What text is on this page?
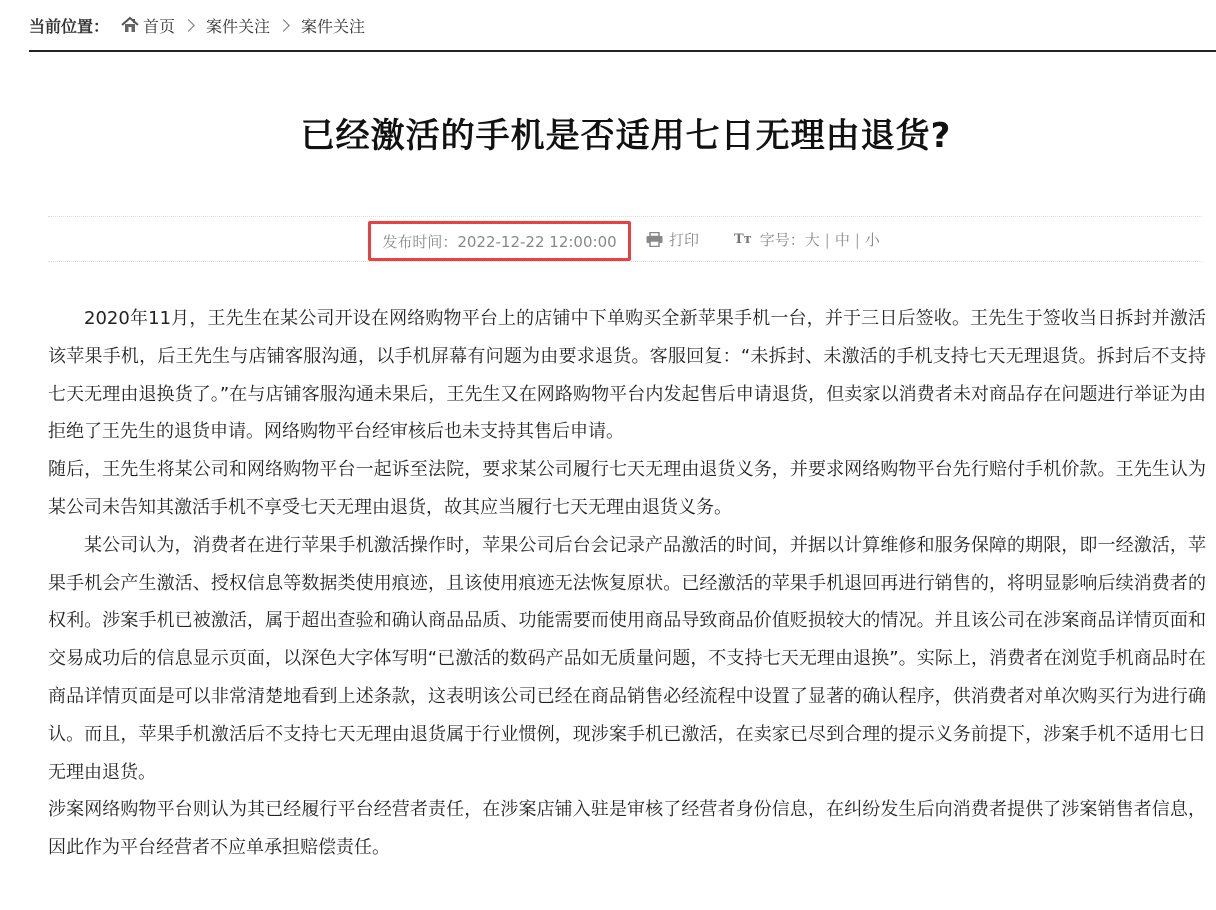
当前位置： 首页 案件关注 案件关注
已经激活的手机是否适用七日无理由退货?
发布时间：2022-12-22 12:00:00	打印	Tт 字号： 大 | 中 | 小

2020年11月，王先生在某公司开设在网络购物平台上的店铺中下单购买全新苹果手机一台，并于三日后签收。王先生于签收当日拆封并激活该苹果手机，后王先生与店铺客服沟通，以手机屏幕有问题为由要求退货。客服回复：“未拆封、未激活的手机支持七天无理退货。拆封后不支持七天无理由退换货了。”在与店铺客服沟通未果后，王先生又在网路购物平台内发起售后申请退货，但卖家以消费者未对商品存在问题进行举证为由拒绝了王先生的退货申请。网络购物平台经审核后也未支持其售后申请。

随后，王先生将某公司和网络购物平台一起诉至法院，要求某公司履行七天无理由退货义务，并要求网络购物平台先行赔付手机价款。王先生认为某公司未告知其激活手机不享受七天无理由退货，故其应当履行七天无理由退货义务。

某公司认为，消费者在进行苹果手机激活操作时，苹果公司后台会记录产品激活的时间，并据以计算维修和服务保障的期限，即一经激活，苹果手机会产生激活、授权信息等数据类使用痕迹，且该使用痕迹无法恢复原状。已经激活的苹果手机退回再进行销售的，将明显影响后续消费者的权利。涉案手机已被激活，属于超出查验和确认商品品质、功能需要而使用商品导致商品价值贬损较大的情况。并且该公司在涉案商品详情页面和交易成功后的信息显示页面，以深色大字体写明“已激活的数码产品如无质量问题，不支持七天无理由退换”。实际上，消费者在浏览手机商品时在商品详情页面是可以非常清楚地看到上述条款，这表明该公司已经在商品销售必经流程中设置了显著的确认程序，供消费者对单次购买行为进行确认。而且，苹果手机激活后不支持七天无理由退货属于行业惯例，现涉案手机已激活，在卖家已尽到合理的提示义务前提下，涉案手机不适用七日无理由退货。

涉案网络购物平台则认为其已经履行平台经营者责任，在涉案店铺入驻是审核了经营者身份信息，在纠纷发生后向消费者提供了涉案销售者信息，因此作为平台经营者不应单承担赔偿责任。
